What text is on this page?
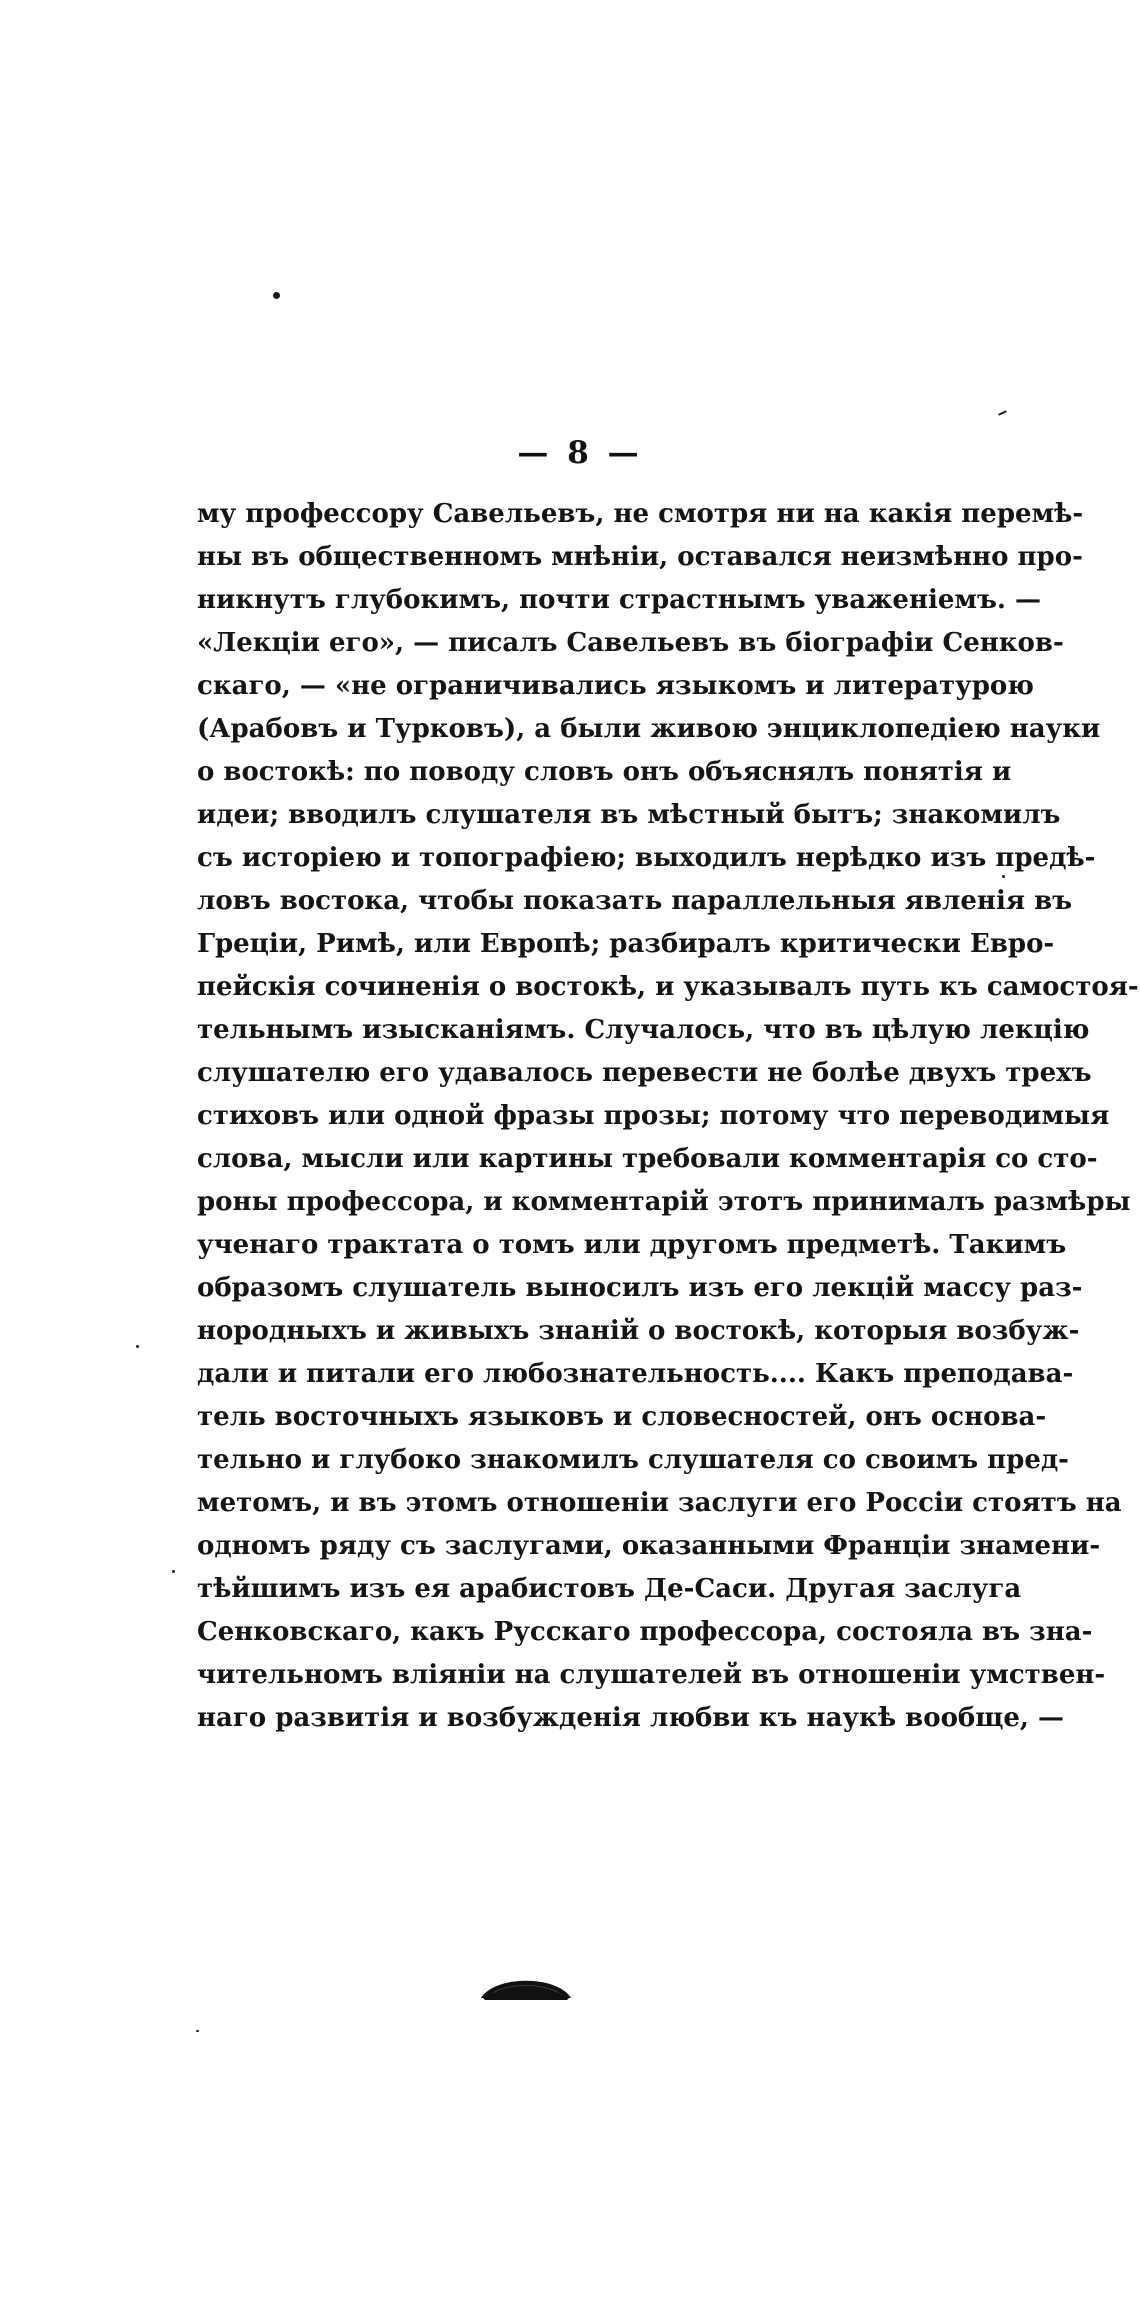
— 8 —
му профессору Савельевъ, не смотря ни на какія перемѣ-
ны въ общественномъ мнѣніи, оставался неизмѣнно про-
никнутъ глубокимъ, почти страстнымъ уваженіемъ. —
«Лекціи его», — писалъ Савельевъ въ біографіи Сенков-
скаго, — «не ограничивались языкомъ и литературою
(Арабовъ и Турковъ), а были живою энциклопедіею науки
о востокѣ: по поводу словъ онъ объяснялъ понятія и
идеи; вводилъ слушателя въ мѣстный бытъ; знакомилъ
съ исторіею и топографіею; выходилъ нерѣдко изъ предѣ-
ловъ востока, чтобы показать параллельныя явленія въ
Греціи, Римѣ, или Европѣ; разбиралъ критически Евро-
пейскія сочиненія о востокѣ, и указывалъ путь къ самостоя-
тельнымъ изысканіямъ. Случалось, что въ цѣлую лекцію
слушателю его удавалось перевести не болѣе двухъ трехъ
стиховъ или одной фразы прозы; потому что переводимыя
слова, мысли или картины требовали комментарія со сто-
роны профессора, и комментарій этотъ принималъ размѣры
ученаго трактата о томъ или другомъ предметѣ. Такимъ
образомъ слушатель выносилъ изъ его лекцій массу раз-
нородныхъ и живыхъ знаній о востокѣ, которыя возбуж-
дали и питали его любознательность.... Какъ преподава-
тель восточныхъ языковъ и словесностей, онъ основа-
тельно и глубоко знакомилъ слушателя со своимъ пред-
метомъ, и въ этомъ отношеніи заслуги его Россіи стоятъ на
одномъ ряду съ заслугами, оказанными Франціи знамени-
тѣйшимъ изъ ея арабистовъ Де-Саси. Другая заслуга
Сенковскаго, какъ Русскаго профессора, состояла въ зна-
чительномъ вліяніи на слушателей въ отношеніи умствен-
наго развитія и возбужденія любви къ наукѣ вообще, —
